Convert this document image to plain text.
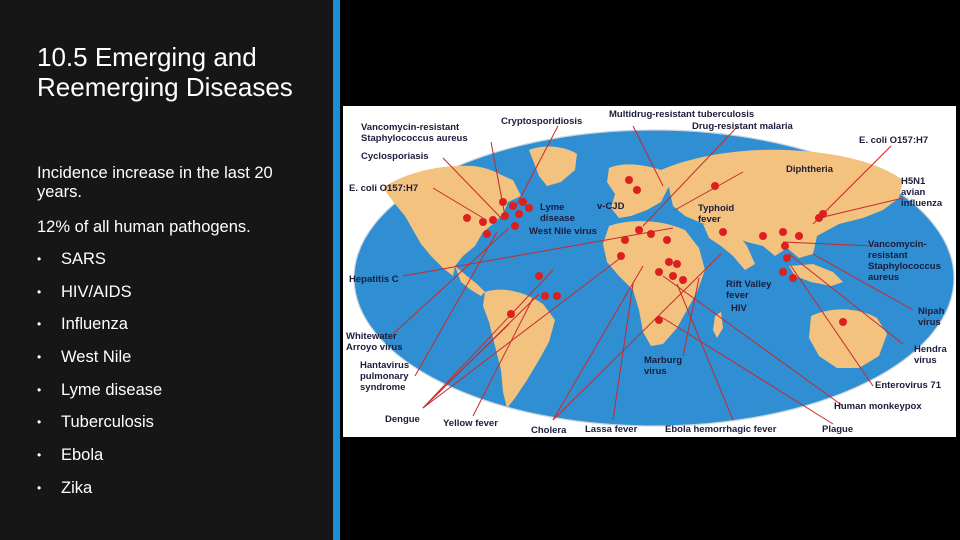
10.5 Emerging and Reemerging Diseases

Incidence increase in the last 20 years.

12% of all human pathogens.

•	SARS
•	HIV/AIDS
•	Influenza
•	West Nile
•	Lyme disease
•	Tuberculosis
•	Ebola
•	Zika
Vancomycin-resistant
Staphylococcus aureus
Cryptosporidiosis
Multidrug-resistant tuberculosis
Drug-resistant malaria
E. coli O157:H7
Cyclosporiasis
Diphtheria
E. coli O157:H7
H5N1
avian
influenza
Lyme
disease
v-CJD	Typhoid
fever
West Nile virus
Vancomycin-
resistant
Staphylococcus
aureus
Hepatitis C	Rift Valley
fever
HIV	Nipah
virus
Whitewater
Arroyo virus	Hendra
virus
Marburg
virus
Hantavirus
pulmonary
syndrome	Enterovirus 71
Human monkeypox
Dengue Yellow fever
Cholera Lassa fever	Ebola hemorrhagic fever	Plague
